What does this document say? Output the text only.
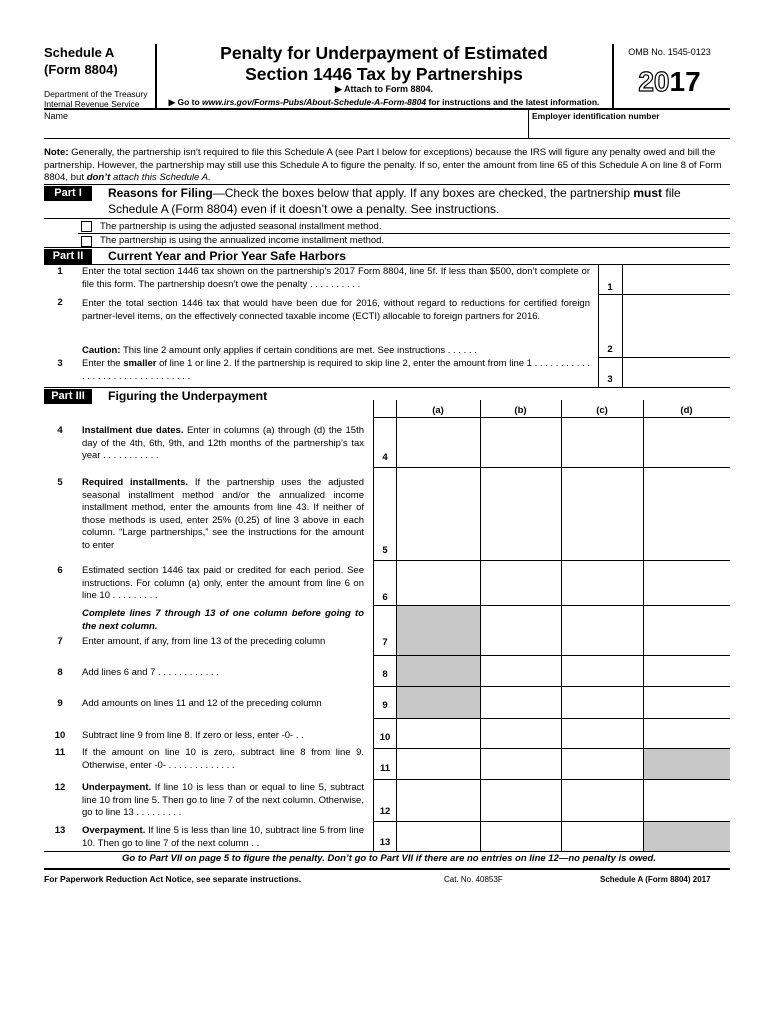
Schedule A
(Form 8804)
Department of the Treasury
Internal Revenue Service
Penalty for Underpayment of Estimated
Section 1446 Tax by Partnerships
▶ Attach to Form 8804.
▶ Go to www.irs.gov/Forms-Pubs/About-Schedule-A-Form-8804 for instructions and the latest information.
OMB No. 1545-0123
2017
Name	Employer identification number
Note: Generally, the partnership isn’t required to file this Schedule A (see Part I below for exceptions) because the IRS will figure any penalty owed and bill the partnership. However, the partnership may still use this Schedule A to figure the penalty. If so, enter the amount from line 65 of this Schedule A on line 8 of Form 8804, but don’t attach this Schedule A.
Part I	Reasons for Filing—Check the boxes below that apply. If any boxes are checked, the partnership must file Schedule A (Form 8804) even if it doesn’t owe a penalty. See instructions.
The partnership is using the adjusted seasonal installment method.
The partnership is using the annualized income installment method.
Part II	Current Year and Prior Year Safe Harbors
1	Enter the total section 1446 tax shown on the partnership’s 2017 Form 8804, line 5f. If less than $500, don’t complete or file this form. The partnership doesn’t owe the penalty . . . . . . . . . .
2	Enter the total section 1446 tax that would have been due for 2016, without regard to reductions for certified foreign partner-level items, on the effectively connected taxable income (ECTI) allocable to foreign partners for 2016.
Caution: This line 2 amount only applies if certain conditions are met. See instructions . . . . . .
3	Enter the smaller of line 1 or line 2. If the partnership is required to skip line 2, enter the amount from line 1 . . . . . . . . . . . . . . . . . . . . . . . . . . . . . . . .
1
2
3
Part III	Figuring the Underpayment
(a)	(b)	(c)	(d)
4	Installment due dates. Enter in columns (a) through (d) the 15th day of the 4th, 6th, 9th, and 12th months of the partnership’s tax year . . . . . . . . . . .	4
5	Required installments. If the partnership uses the adjusted seasonal installment method and/or the annualized income installment method, enter the amounts from line 43. If neither of those methods is used, enter 25% (0.25) of line 3 above in each column. “Large partnerships,” see the instructions for the amount to enter	5
6	Estimated section 1446 tax paid or credited for each period. See instructions. For column (a) only, enter the amount from line 6 on line 10 . . . . . . . . .	6
Complete lines 7 through 13 of one column before going to the next column.
7	Enter amount, if any, from line 13 of the preceding column	7
8	Add lines 6 and 7 . . . . . . . . . . . .	8
9	Add amounts on lines 11 and 12 of the preceding column	9
10	Subtract line 9 from line 8. If zero or less, enter -0- . .	10
11	If the amount on line 10 is zero, subtract line 8 from line 9. Otherwise, enter -0- . . . . . . . . . . . . .	11
12	Underpayment. If line 10 is less than or equal to line 5, subtract line 10 from line 5. Then go to line 7 of the next column. Otherwise, go to line 13 . . . . . . . . .	12
13	Overpayment. If line 5 is less than line 10, subtract line 5 from line 10. Then go to line 7 of the next column . .	13
Go to Part VII on page 5 to figure the penalty. Don’t go to Part VII if there are no entries on line 12—no penalty is owed.
For Paperwork Reduction Act Notice, see separate instructions.	Cat. No. 40853F	Schedule A (Form 8804) 2017
